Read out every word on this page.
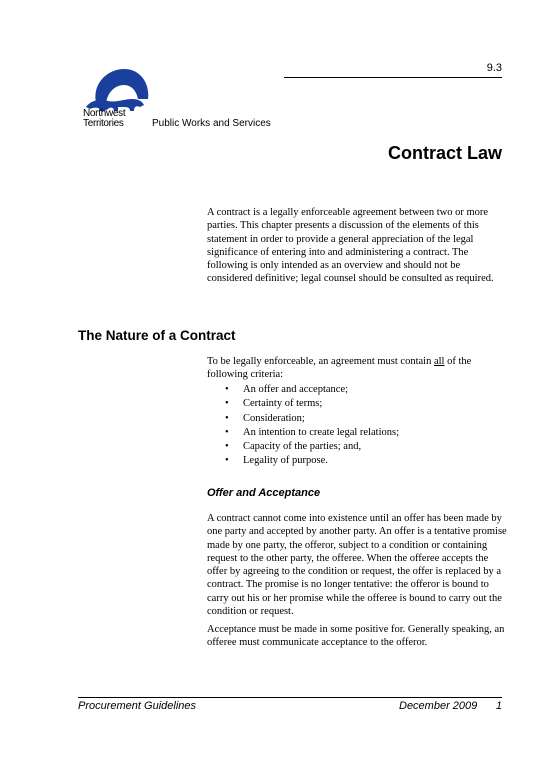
9.3
Northwest
Territories	Public Works and Services
Contract Law

A contract is a legally enforceable agreement between two or more parties. This chapter presents a discussion of the elements of this statement in order to provide a general appreciation of the legal significance of entering into and administering a contract. The following is only intended as an overview and should not be considered definitive; legal counsel should be consulted as required.

The Nature of a Contract

To be legally enforceable, an agreement must contain all of the following criteria:

• An offer and acceptance;
• Certainty of terms;
• Consideration;
• An intention to create legal relations;
• Capacity of the parties; and,
• Legality of purpose.
Offer and Acceptance

A contract cannot come into existence until an offer has been made by one party and accepted by another party. An offer is a tentative promise made by one party, the offeror, subject to a condition or containing request to the other party, the offeree. When the offeree accepts the offer by agreeing to the condition or request, the offer is replaced by a contract. The promise is no longer tentative: the offeror is bound to carry out his or her promise while the offeree is bound to carry out the condition or request.

Acceptance must be made in some positive for. Generally speaking, an offeree must communicate acceptance to the offeror.

Procurement Guidelines	December 2009 1
